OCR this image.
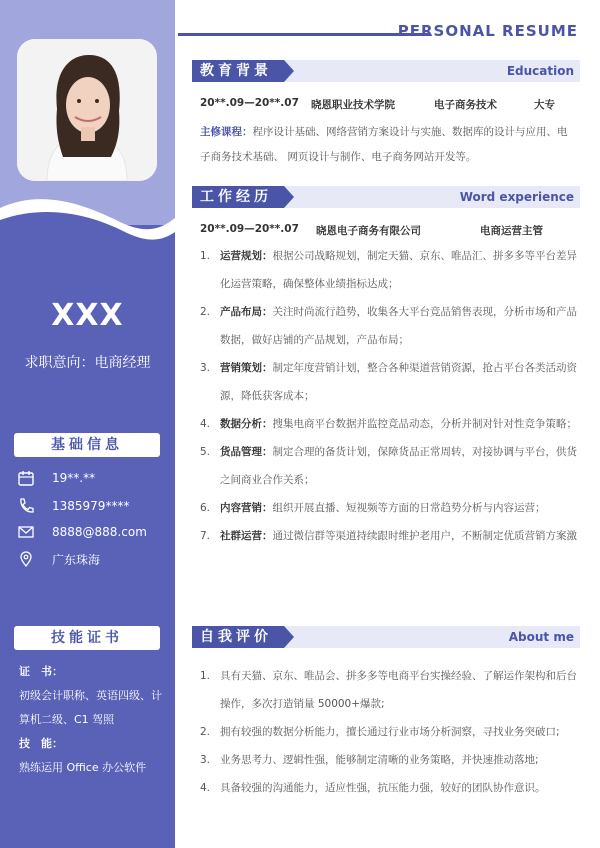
XXX
求职意向：电商经理
基础信息
19**.**
1385979****
8888@888.com
广东珠海
技能证书
证　书：
初级会计职称、英语四级、计算机二级、C1 驾照
技　能：
熟练运用 Office 办公软件
PERSONAL RESUME
教育背景	Education
20**.09—20**.07 晓恩职业技术学院	电子商务技术	大专
主修课程：程序设计基础、网络营销方案设计与实施、数据库的设计与应用、电子商务技术基础、 网页设计与制作、电子商务网站开发等。
工作经历	Word experience
20**.09—20**.07 晓恩电子商务有限公司	电商运营主管
1. 运营规划：根据公司战略规划，制定天猫、京东、唯品汇、拼多多等平台差异化运营策略，确保整体业绩指标达成；
2. 产品布局：关注时尚流行趋势，收集各大平台竞品销售表现，分析市场和产品数据，做好店铺的产品规划，产品布局；
3. 营销策划：制定年度营销计划，整合各种渠道营销资源，抢占平台各类活动资源，降低获客成本；
4. 数据分析：搜集电商平台数据并监控竞品动态，分析并制对针对性竞争策略；
5. 货品管理：制定合理的备货计划，保障货品正常周转，对接协调与平台，供货之间商业合作关系；
6. 内容营销：组织开展直播、短视频等方面的日常趋势分析与内容运营；
7. 社群运营：通过微信群等渠道持续跟时维护老用户，不断制定优质营销方案激
自我评价	About me
1. 具有天猫、京东、唯品会、拼多多等电商平台实操经验、了解运作架构和后台操作，多次打造销量 50000+爆款;
2. 拥有较强的数据分析能力，擅长通过行业市场分析洞察，寻找业务突破口;
3. 业务思考力、逻辑性强，能够制定清晰的业务策略，并快速推动落地;
4. 具备较强的沟通能力，适应性强，抗压能力强，较好的团队协作意识。
